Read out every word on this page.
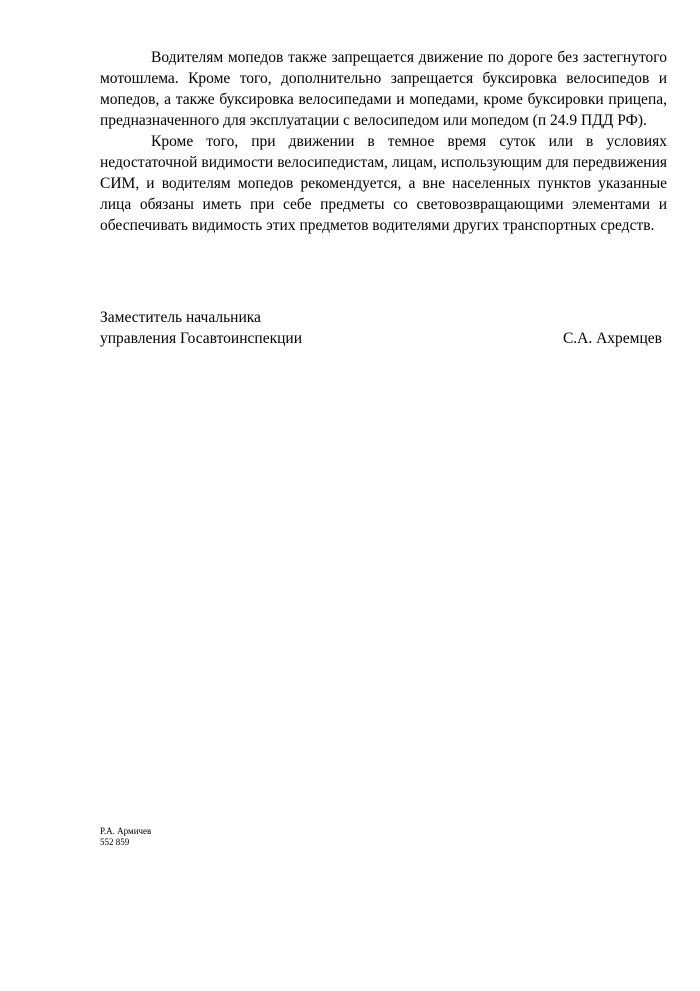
Водителям мопедов также запрещается движение по дороге без застегнутого мотошлема. Кроме того, дополнительно запрещается буксировка велосипедов и мопедов, а также буксировка велосипедами и мопедами, кроме буксировки прицепа, предназначенного для эксплуатации с велосипедом или мопедом (п 24.9 ПДД РФ).

Кроме того, при движении в темное время суток или в условиях недостаточной видимости велосипедистам, лицам, использующим для передвижения СИМ, и водителям мопедов рекомендуется, а вне населенных пунктов указанные лица обязаны иметь при себе предметы со световозвращающими элементами и обеспечивать видимость этих предметов водителями других транспортных средств.

Заместитель начальника
управления Госавтоинспекции	С.А. Ахремцев
Р.А. Армичев
552 859
